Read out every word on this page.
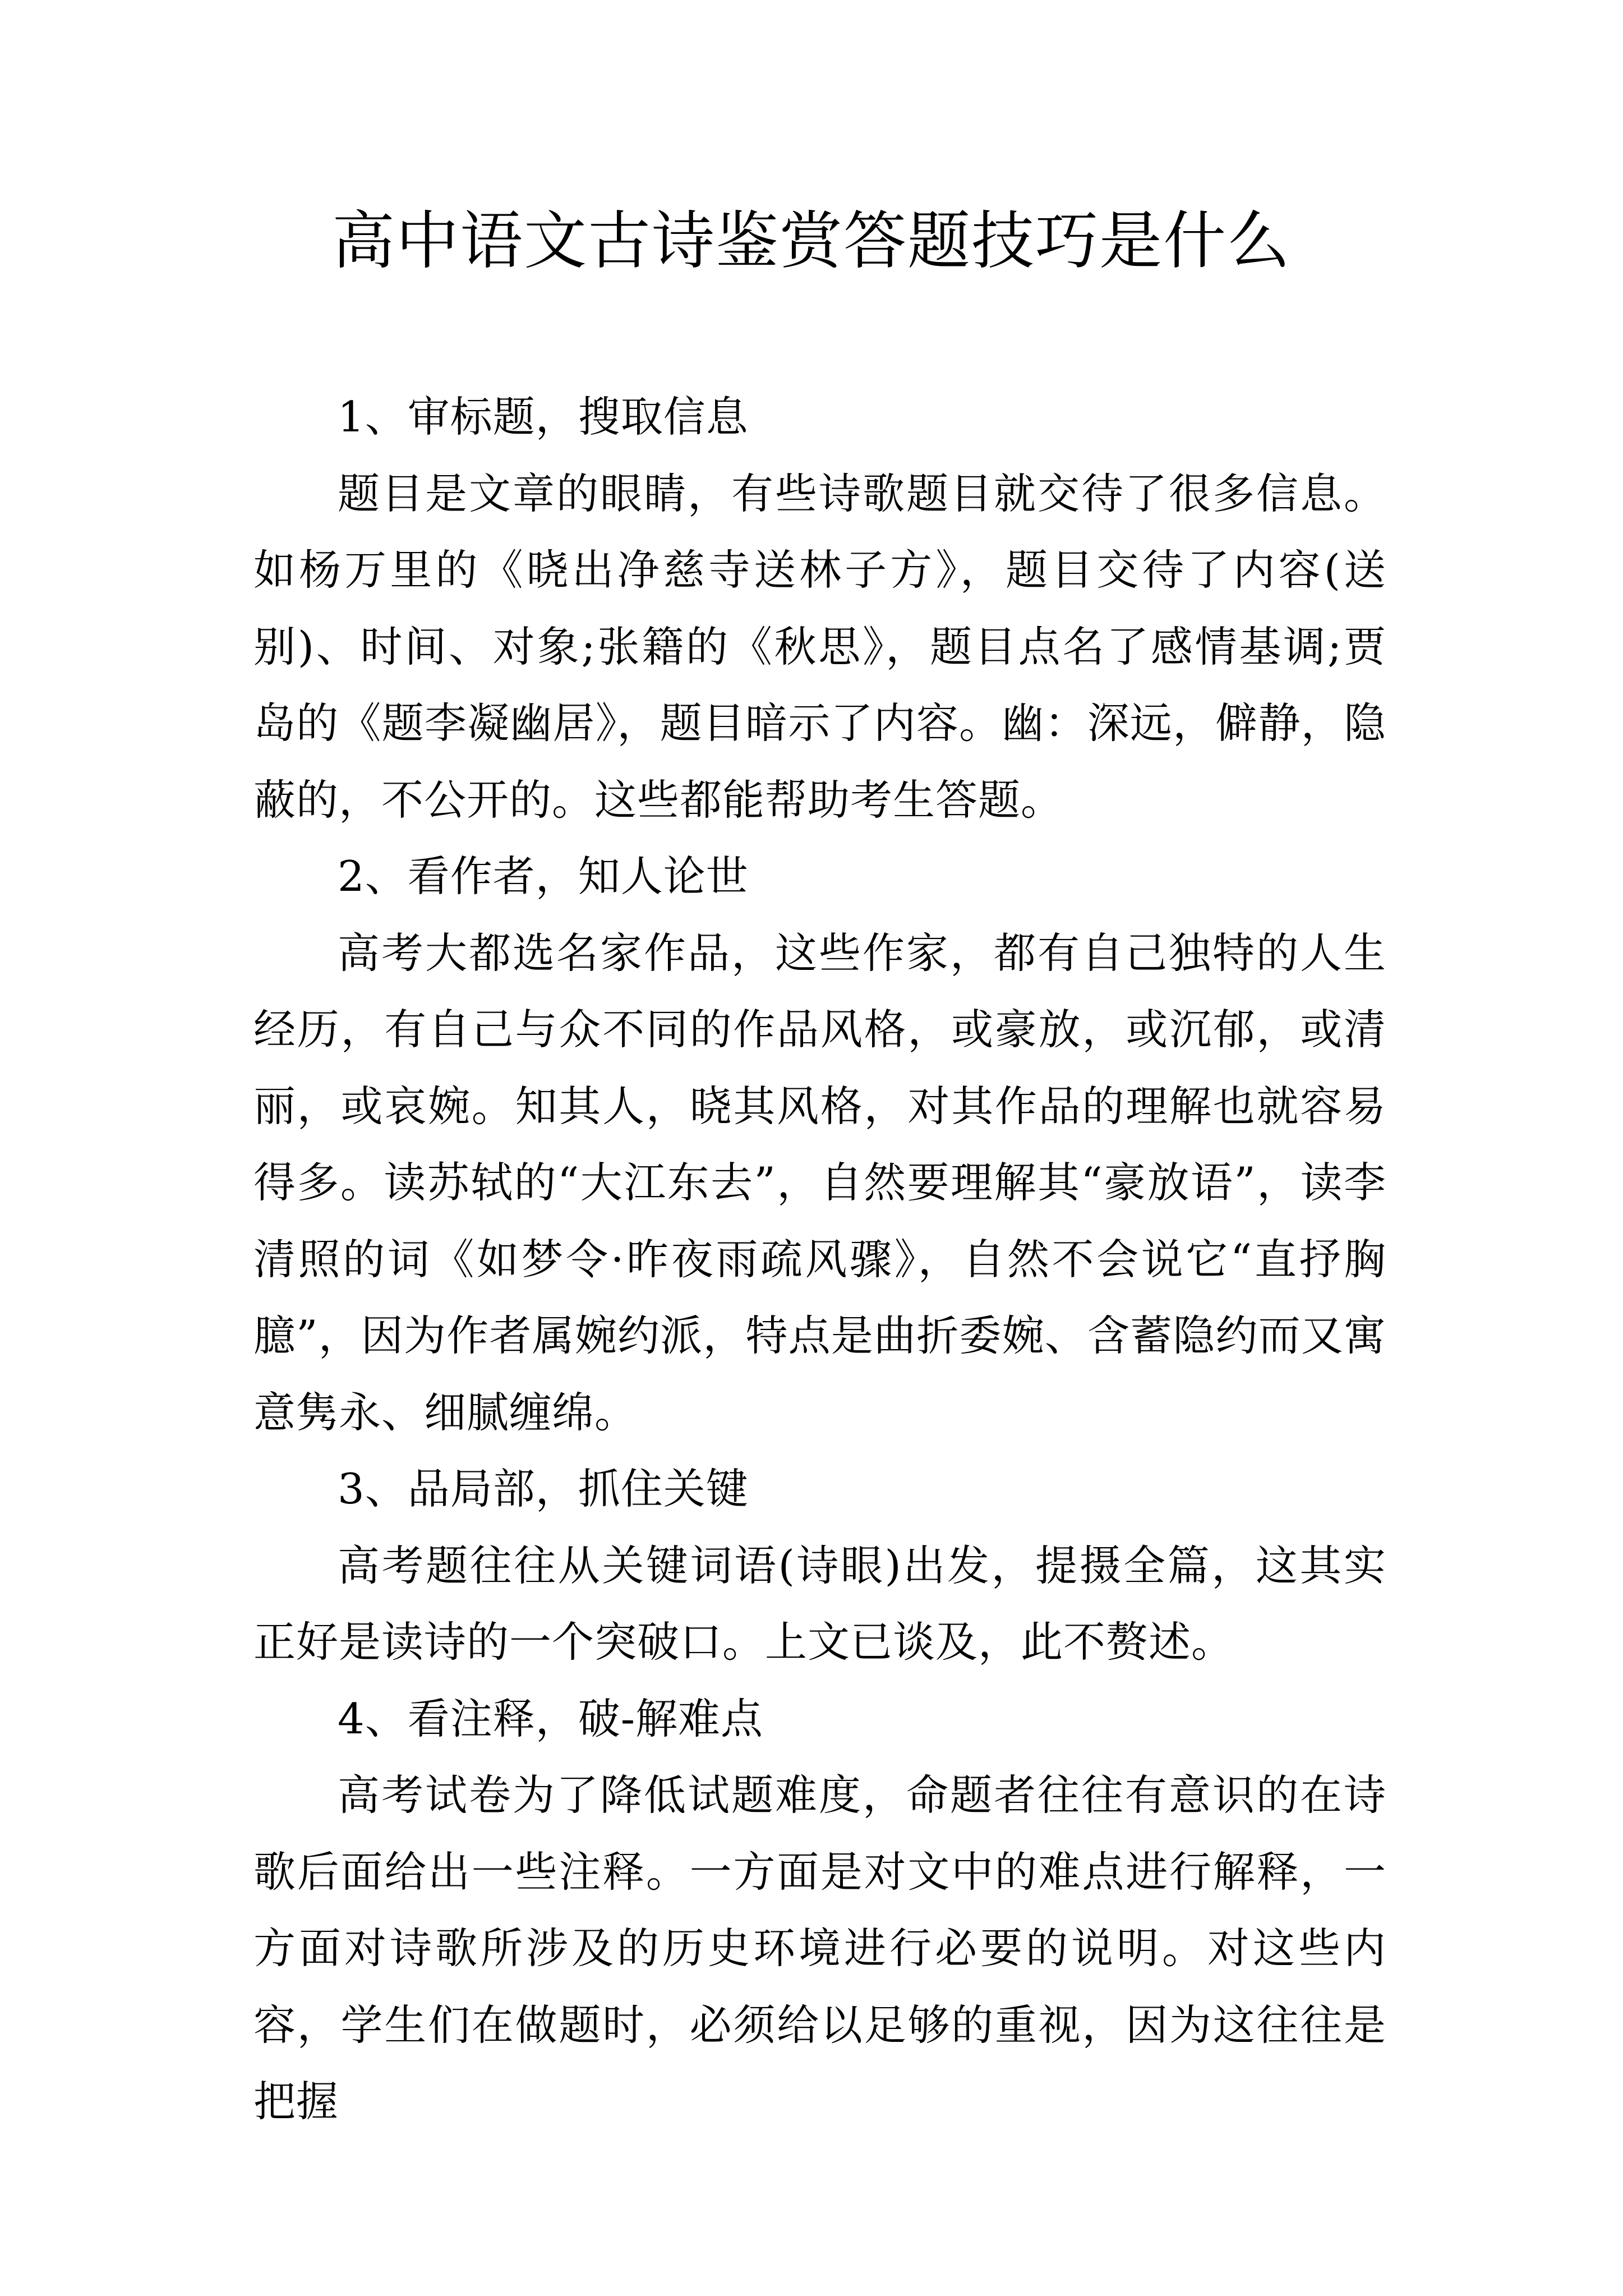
高中语文古诗鉴赏答题技巧是什么

1、审标题，搜取信息

题目是文章的眼睛，有些诗歌题目就交待了很多信息。如杨万里的《晓出净慈寺送林子方》，题目交待了内容(送别)、时间、对象;张籍的《秋思》，题目点名了感情基调;贾岛的《题李凝幽居》，题目暗示了内容。幽：深远，僻静，隐蔽的，不公开的。这些都能帮助考生答题。

2、看作者，知人论世

高考大都选名家作品，这些作家，都有自己独特的人生经历，有自己与众不同的作品风格，或豪放，或沉郁，或清丽，或哀婉。知其人，晓其风格，对其作品的理解也就容易得多。读苏轼的“大江东去”，自然要理解其“豪放语”，读李清照的词《如梦令·昨夜雨疏风骤》，自然不会说它“直抒胸臆”，因为作者属婉约派，特点是曲折委婉、含蓄隐约而又寓意隽永、细腻缠绵。

3、品局部，抓住关键

高考题往往从关键词语(诗眼)出发，提摄全篇，这其实正好是读诗的一个突破口。上文已谈及，此不赘述。

4、看注释，破-解难点

高考试卷为了降低试题难度，命题者往往有意识的在诗歌后面给出一些注释。一方面是对文中的难点进行解释，一方面对诗歌所涉及的历史环境进行必要的说明。对这些内容，学生们在做题时，必须给以足够的重视，因为这往往是把握
